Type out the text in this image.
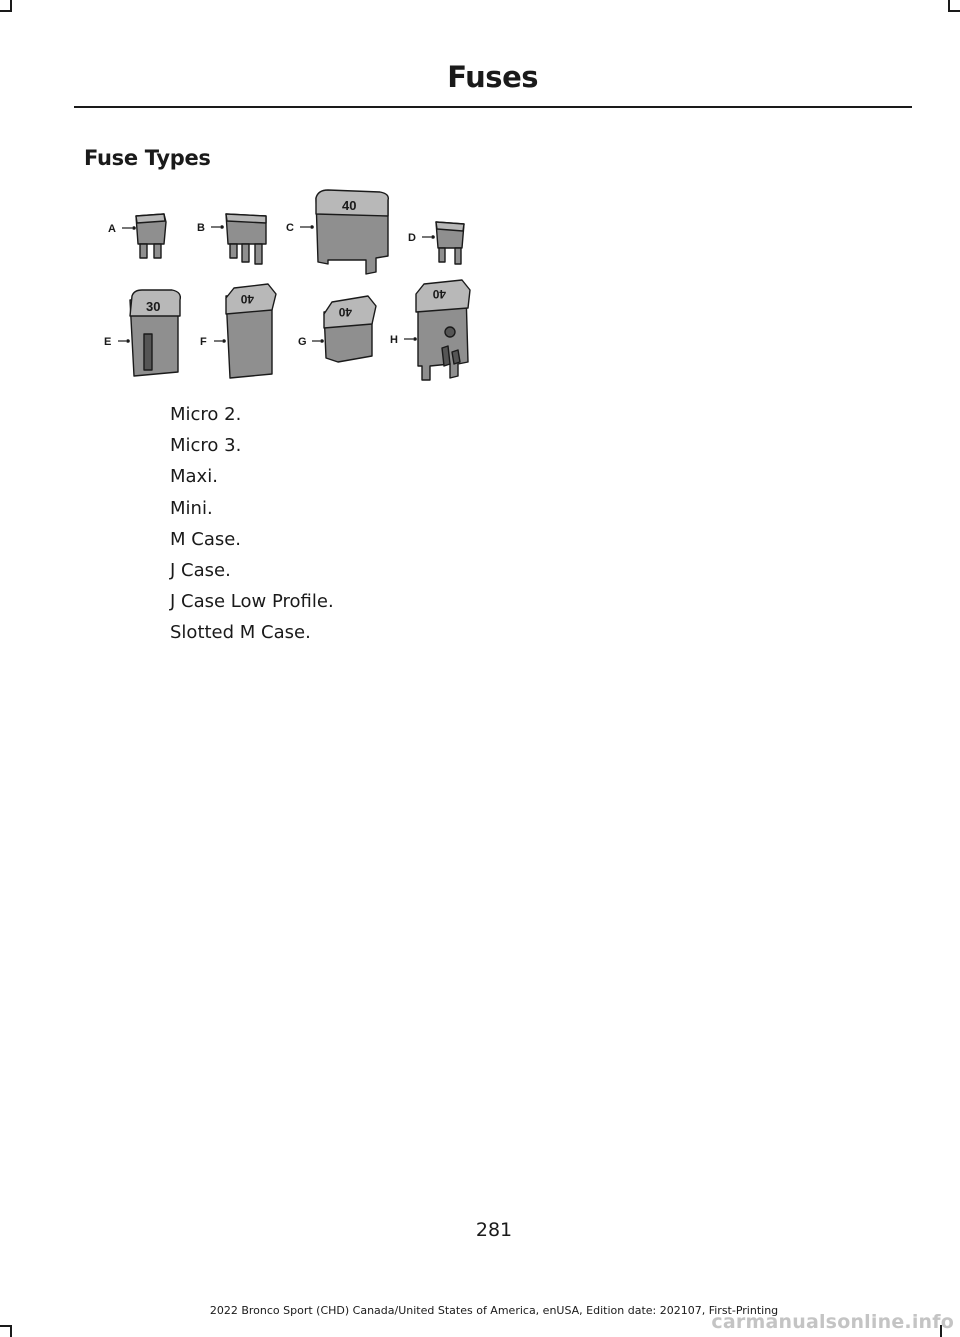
Fuses
Fuse Types
A	B	C
D
E	F	G	H
40
30	40
40
40
Micro 2.
Micro 3.
Maxi.
Mini.
M Case.
J Case.
J Case Low Profile.
Slotted M Case.
281
2022 Bronco Sport (CHD) Canada/United States of America, enUSA, Edition date: 202107, First-Printing
carmanualsonline.info
